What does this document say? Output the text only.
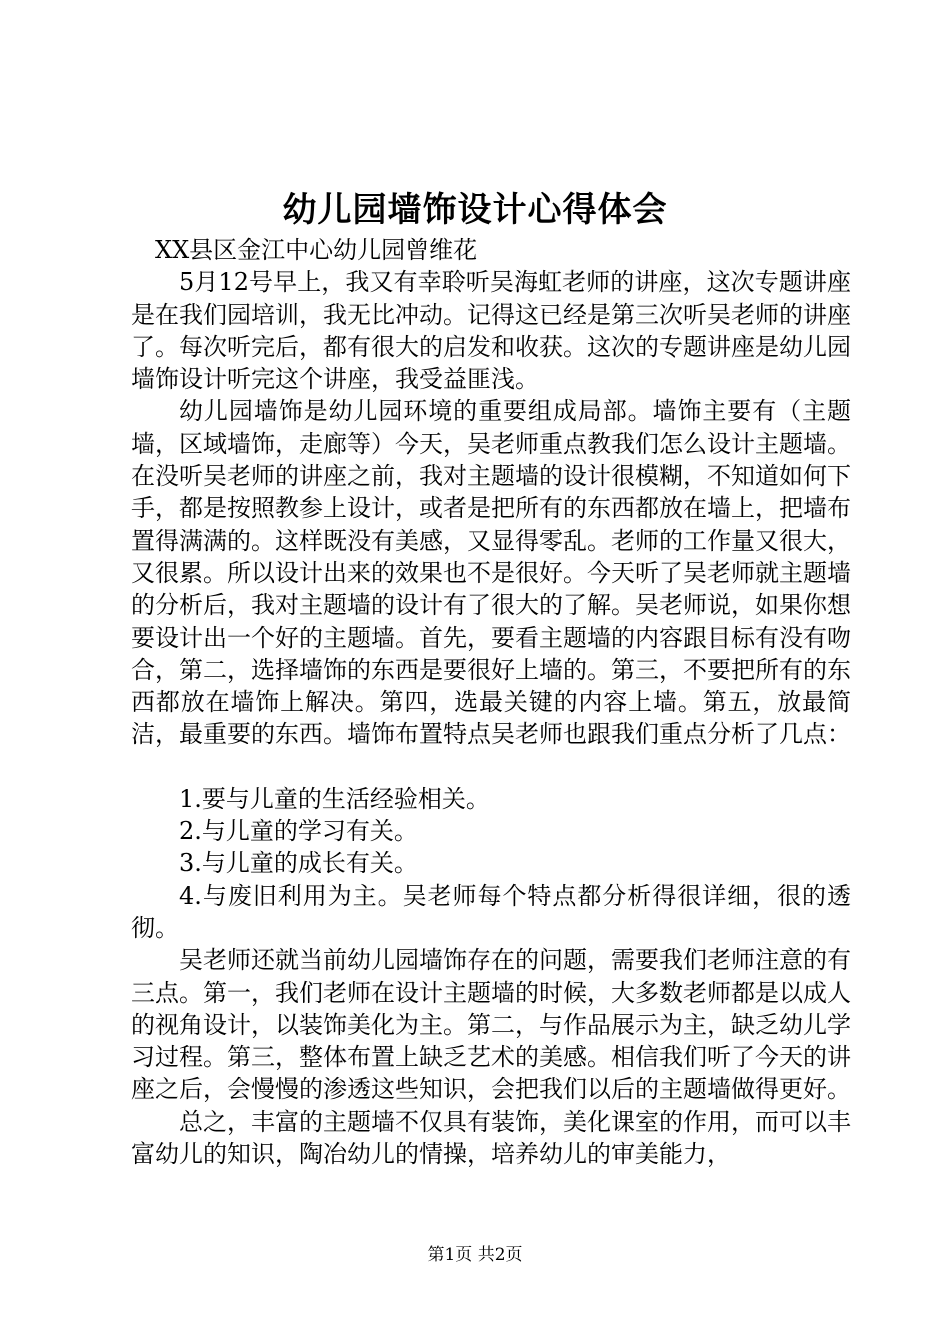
幼儿园墙饰设计心得体会

XX县区金江中心幼儿园曾维花

5月12号早上，我又有幸聆听吴海虹老师的讲座，这次专题讲座是在我们园培训，我无比冲动。记得这已经是第三次听吴老师的讲座了。每次听完后，都有很大的启发和收获。这次的专题讲座是幼儿园墙饰设计听完这个讲座，我受益匪浅。

幼儿园墙饰是幼儿园环境的重要组成局部。墙饰主要有（主题墙，区域墙饰，走廊等）今天，吴老师重点教我们怎么设计主题墙。在没听吴老师的讲座之前，我对主题墙的设计很模糊，不知道如何下手，都是按照教参上设计，或者是把所有的东西都放在墙上，把墙布置得满满的。这样既没有美感，又显得零乱。老师的工作量又很大，又很累。所以设计出来的效果也不是很好。今天听了吴老师就主题墙的分析后，我对主题墙的设计有了很大的了解。吴老师说，如果你想要设计出一个好的主题墙。首先，要看主题墙的内容跟目标有没有吻合，第二，选择墙饰的东西是要很好上墙的。第三，不要把所有的东西都放在墙饰上解决。第四，选最关键的内容上墙。第五，放最简洁，最重要的东西。墙饰布置特点吴老师也跟我们重点分析了几点：

1.要与儿童的生活经验相关。

2.与儿童的学习有关。

3.与儿童的成长有关。

4.与废旧利用为主。吴老师每个特点都分析得很详细，很的透彻。

吴老师还就当前幼儿园墙饰存在的问题，需要我们老师注意的有三点。第一，我们老师在设计主题墙的时候，大多数老师都是以成人的视角设计，以装饰美化为主。第二，与作品展示为主，缺乏幼儿学习过程。第三，整体布置上缺乏艺术的美感。相信我们听了今天的讲座之后，会慢慢的渗透这些知识，会把我们以后的主题墙做得更好。

总之，丰富的主题墙不仅具有装饰，美化课室的作用，而可以丰富幼儿的知识，陶冶幼儿的情操，培养幼儿的审美能力，

第1页 共2页
